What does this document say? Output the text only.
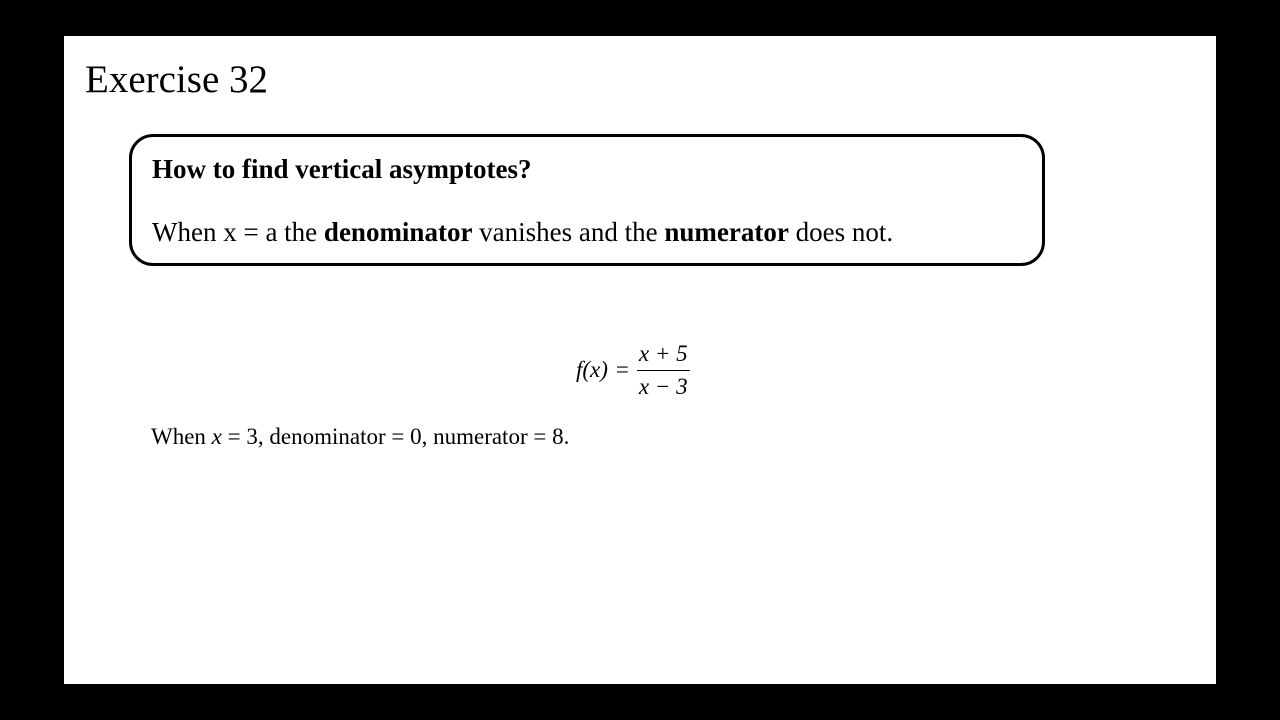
Exercise 32
How to find vertical asymptotes?
When x = a the denominator vanishes and the numerator does not.
f $(x) = \frac{x + 5}{x - 3}$
When x = 3, denominator = 0, numerator = 8.
